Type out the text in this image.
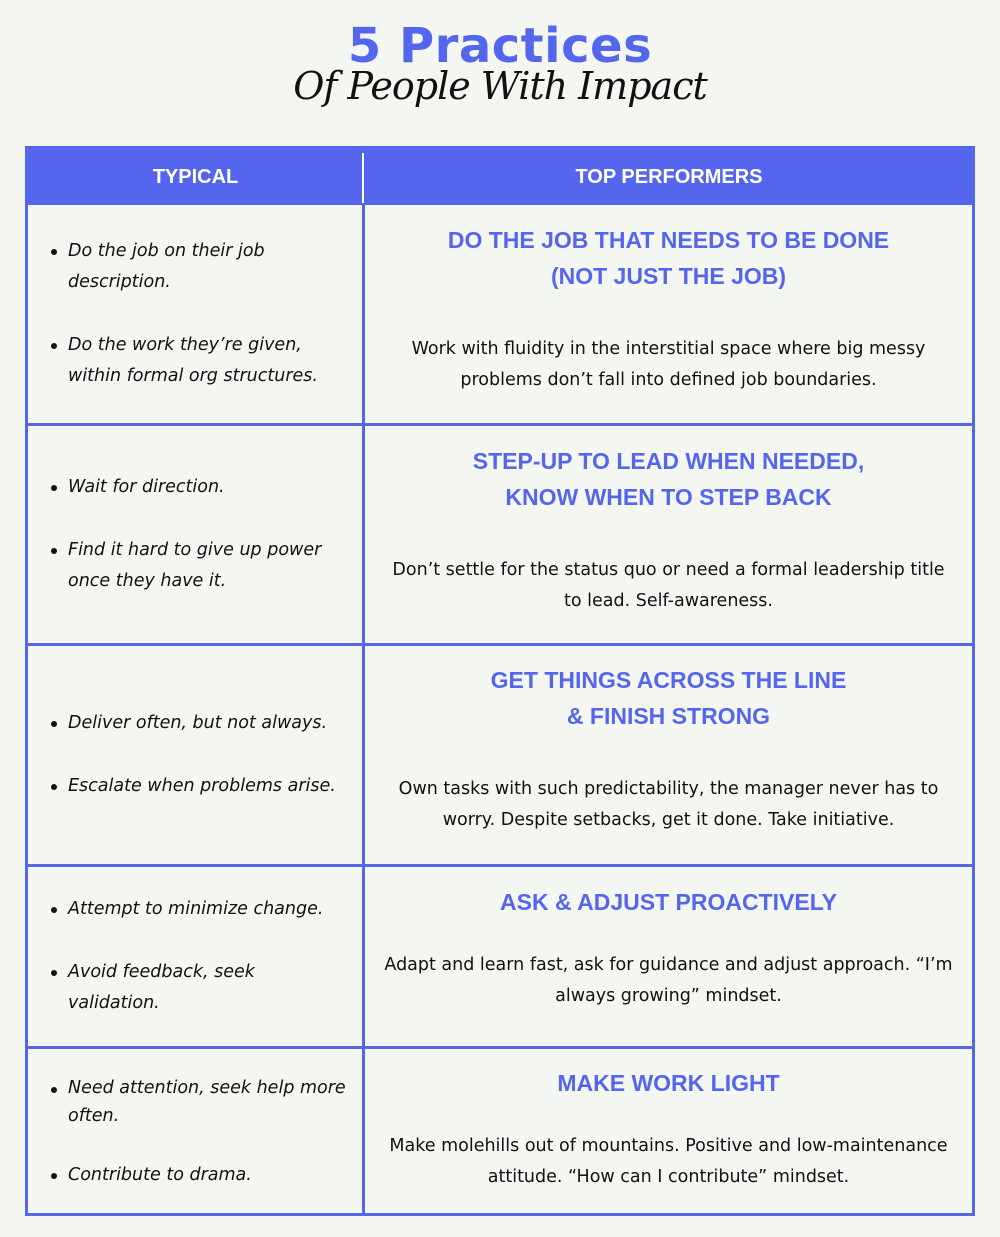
5 Practices
Of People With Impact
TYPICAL	TOP PERFORMERS
Do the job on their job description.
Do the work they’re given, within formal org structures.
DO THE JOB THAT NEEDS TO BE DONE
(NOT JUST THE JOB)

Work with fluidity in the interstitial space where big messy problems don’t fall into defined job boundaries.

Wait for direction.
Find it hard to give up power once they have it.
STEP-UP TO LEAD WHEN NEEDED,
KNOW WHEN TO STEP BACK

Don’t settle for the status quo or need a formal leadership title to lead. Self-awareness.

Deliver often, but not always.
Escalate when problems arise.
GET THINGS ACROSS THE LINE
& FINISH STRONG

Own tasks with such predictability, the manager never has to worry. Despite setbacks, get it done. Take initiative.

Attempt to minimize change.
Avoid feedback, seek validation.
ASK & ADJUST PROACTIVELY

Adapt and learn fast, ask for guidance and adjust approach. “I’m always growing” mindset.

Need attention, seek help more often.
Contribute to drama.
MAKE WORK LIGHT

Make molehills out of mountains. Positive and low-maintenance attitude. “How can I contribute” mindset.
